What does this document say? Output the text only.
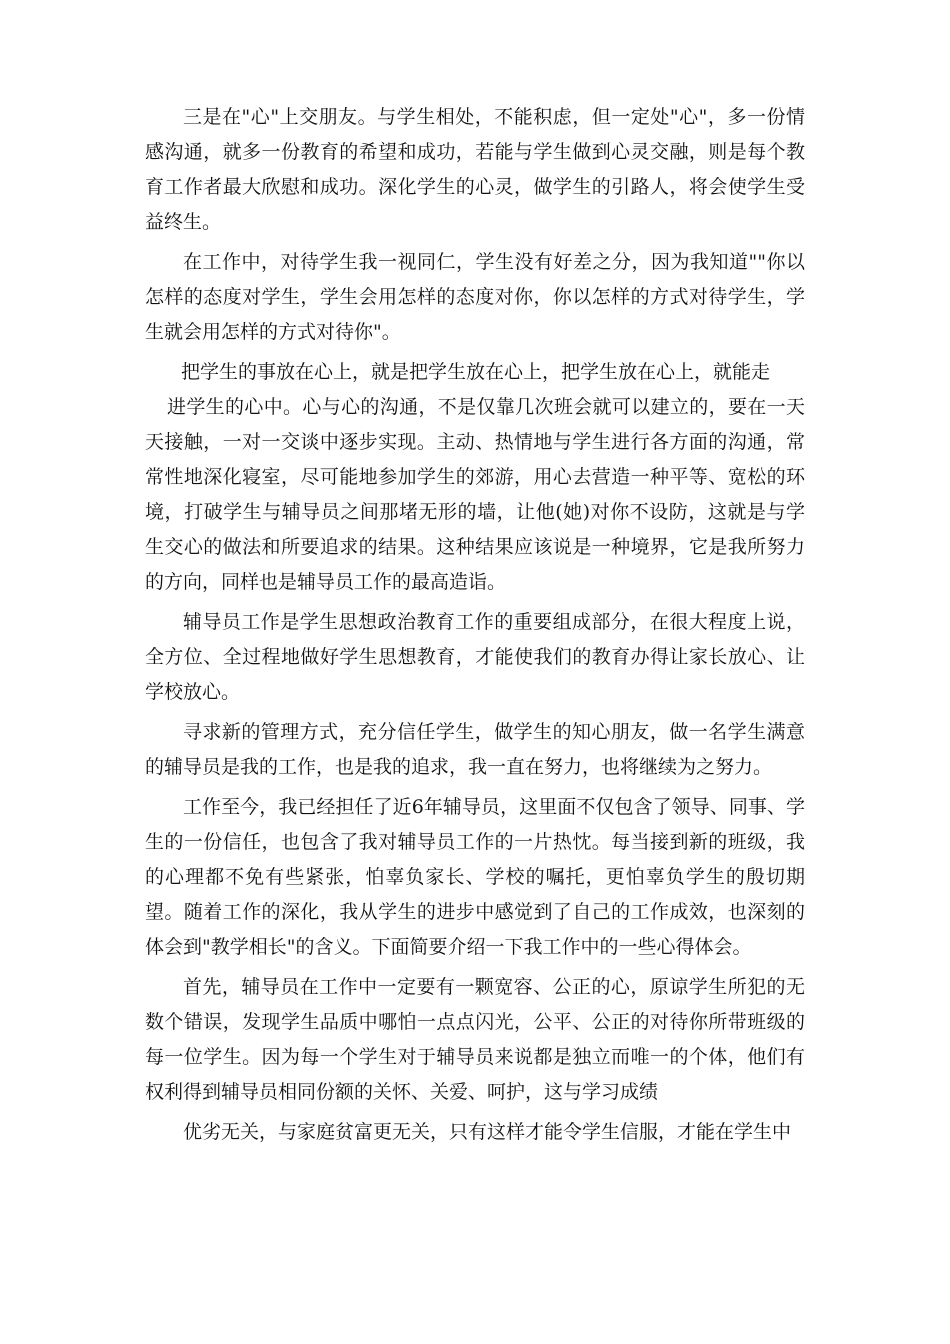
三是在"心"上交朋友。与学生相处，不能积虑，但一定处"心"，多一份情感沟通，就多一份教育的希望和成功，若能与学生做到心灵交融，则是每个教育工作者最大欣慰和成功。深化学生的心灵，做学生的引路人，将会使学生受益终生。

在工作中，对待学生我一视同仁，学生没有好差之分，因为我知道""你以怎样的态度对学生，学生会用怎样的态度对你，你以怎样的方式对待学生，学生就会用怎样的方式对待你"。

把学生的事放在心上，就是把学生放在心上，把学生放在心上，就能走

进学生的心中。心与心的沟通，不是仅靠几次班会就可以建立的，要在一天天接触，一对一交谈中逐步实现。主动、热情地与学生进行各方面的沟通，常常性地深化寝室，尽可能地参加学生的郊游，用心去营造一种平等、宽松的环境，打破学生与辅导员之间那堵无形的墙，让他(她)对你不设防，这就是与学生交心的做法和所要追求的结果。这种结果应该说是一种境界，它是我所努力的方向，同样也是辅导员工作的最高造诣。

辅导员工作是学生思想政治教育工作的重要组成部分，在很大程度上说，全方位、全过程地做好学生思想教育，才能使我们的教育办得让家长放心、让学校放心。

寻求新的管理方式，充分信任学生，做学生的知心朋友，做一名学生满意的辅导员是我的工作，也是我的追求，我一直在努力，也将继续为之努力。

工作至今，我已经担任了近6年辅导员，这里面不仅包含了领导、同事、学生的一份信任，也包含了我对辅导员工作的一片热忱。每当接到新的班级，我的心理都不免有些紧张，怕辜负家长、学校的嘱托，更怕辜负学生的殷切期望。随着工作的深化，我从学生的进步中感觉到了自己的工作成效，也深刻的体会到"教学相长"的含义。下面简要介绍一下我工作中的一些心得体会。

首先，辅导员在工作中一定要有一颗宽容、公正的心，原谅学生所犯的无数个错误，发现学生品质中哪怕一点点闪光，公平、公正的对待你所带班级的每一位学生。因为每一个学生对于辅导员来说都是独立而唯一的个体，他们有权利得到辅导员相同份额的关怀、关爱、呵护，这与学习成绩

优劣无关，与家庭贫富更无关，只有这样才能令学生信服，才能在学生中
